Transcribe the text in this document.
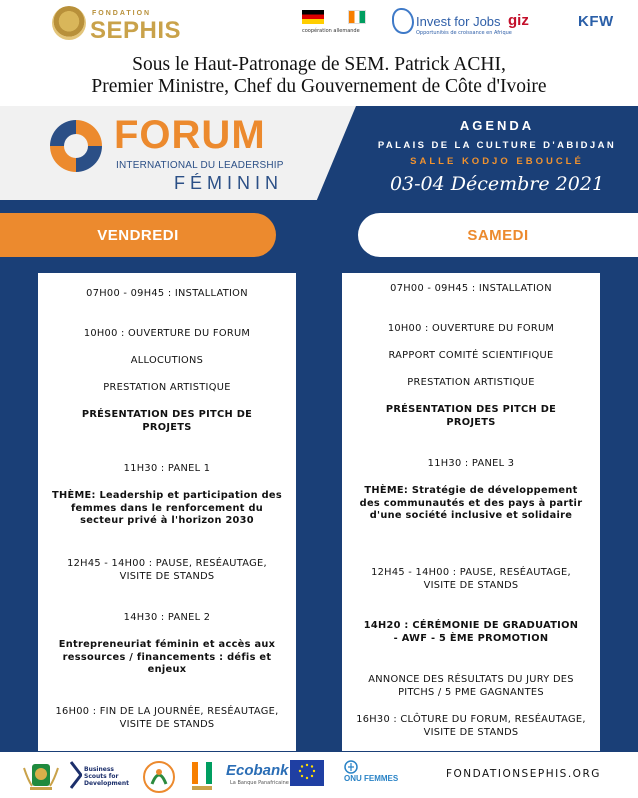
FONDATION
SEPHIS	coopération allemande
Invest for Jobs
Opportunités de croissance en Afrique
giz	KFW
Sous le Haut-Patronage de SEM. Patrick ACHI,
Premier Ministre, Chef du Gouvernement de Côte d'Ivoire
FORUM
INTERNATIONAL DU LEADERSHIP
FÉMININ
AGENDA
PALAIS DE LA CULTURE D'ABIDJAN
SALLE KODJO EBOUCLÉ
03-04 Décembre 2021
VENDREDI	SAMEDI
07H00 - 09H45 : INSTALLATION
10H00 : OUVERTURE DU FORUM
ALLOCUTIONS
PRESTATION ARTISTIQUE
PRÉSENTATION DES PITCH DE PROJETS
11H30 : PANEL 1
THÈME: Leadership et participation des femmes dans le renforcement du secteur privé à l'horizon 2030
12H45 - 14H00 : PAUSE, RESÉAUTAGE, VISITE DE STANDS
14H30 : PANEL 2
Entrepreneuriat féminin et accès aux ressources / financements : défis et enjeux
16H00 : FIN DE LA JOURNÉE, RESÉAUTAGE, VISITE DE STANDS
07H00 - 09H45 : INSTALLATION
10H00 : OUVERTURE DU FORUM
RAPPORT COMITÉ SCIENTIFIQUE
PRESTATION ARTISTIQUE
PRÉSENTATION DES PITCH DE PROJETS
11H30 : PANEL 3
THÈME: Stratégie de développement des communautés et des pays à partir d'une société inclusive et solidaire
12H45 - 14H00 : PAUSE, RESÉAUTAGE, VISITE DE STANDS
14H20 : CÉRÉMONIE DE GRADUATION - AWF - 5 ÈME PROMOTION
ANNONCE DES RÉSULTATS DU JURY DES PITCHS / 5 PME GAGNANTES
16H30 : CLÔTURE DU FORUM, RESÉAUTAGE, VISITE DE STANDS
Business Scouts for Development
Ecobank
La Banque Panafricaine	ONU FEMMES	FONDATIONSEPHIS.ORG
